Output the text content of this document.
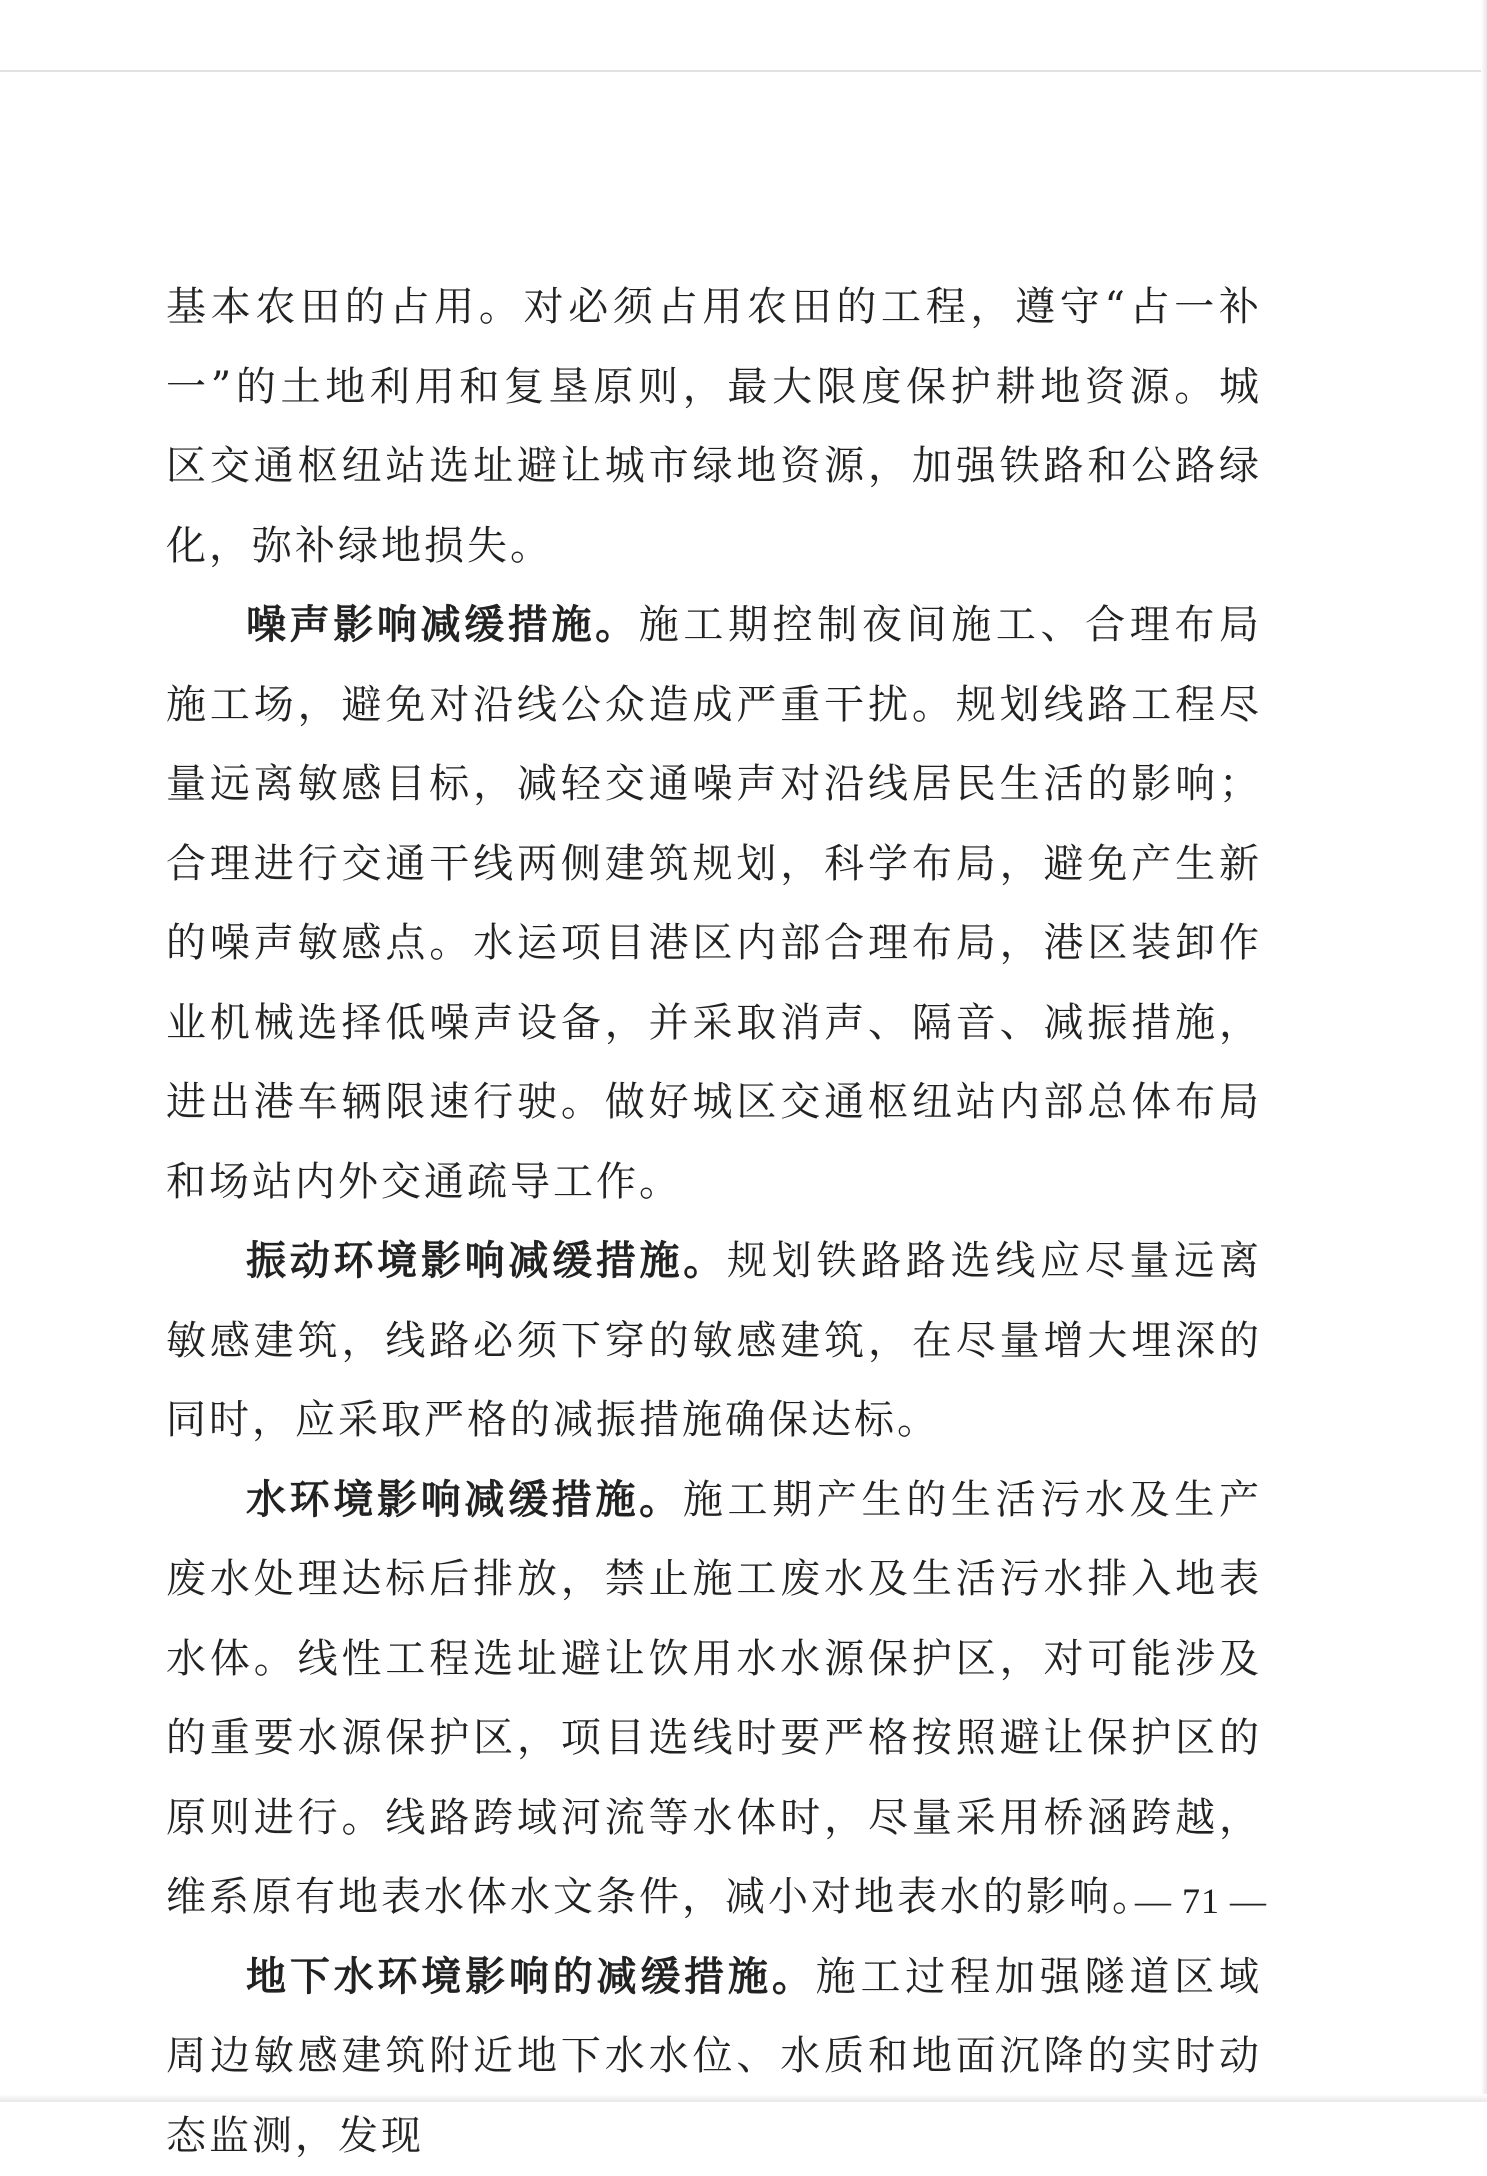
基本农田的占用。对必须占用农田的工程，遵守“占一补一”的土地利用和复垦原则，最大限度保护耕地资源。城区交通枢纽站选址避让城市绿地资源，加强铁路和公路绿化，弥补绿地损失。

噪声影响减缓措施。施工期控制夜间施工、合理布局施工场，避免对沿线公众造成严重干扰。规划线路工程尽量远离敏感目标，减轻交通噪声对沿线居民生活的影响；合理进行交通干线两侧建筑规划，科学布局，避免产生新的噪声敏感点。水运项目港区内部合理布局，港区装卸作业机械选择低噪声设备，并采取消声、隔音、减振措施，进出港车辆限速行驶。做好城区交通枢纽站内部总体布局和场站内外交通疏导工作。

振动环境影响减缓措施。规划铁路路选线应尽量远离敏感建筑，线路必须下穿的敏感建筑，在尽量增大埋深的同时，应采取严格的减振措施确保达标。

水环境影响减缓措施。施工期产生的生活污水及生产废水处理达标后排放，禁止施工废水及生活污水排入地表水体。线性工程选址避让饮用水水源保护区，对可能涉及的重要水源保护区，项目选线时要严格按照避让保护区的原则进行。线路跨域河流等水体时，尽量采用桥涵跨越，维系原有地表水体水文条件，减小对地表水的影响。

地下水环境影响的减缓措施。施工过程加强隧道区域周边敏感建筑附近地下水水位、水质和地面沉降的实时动态监测，发现

— 71 —
